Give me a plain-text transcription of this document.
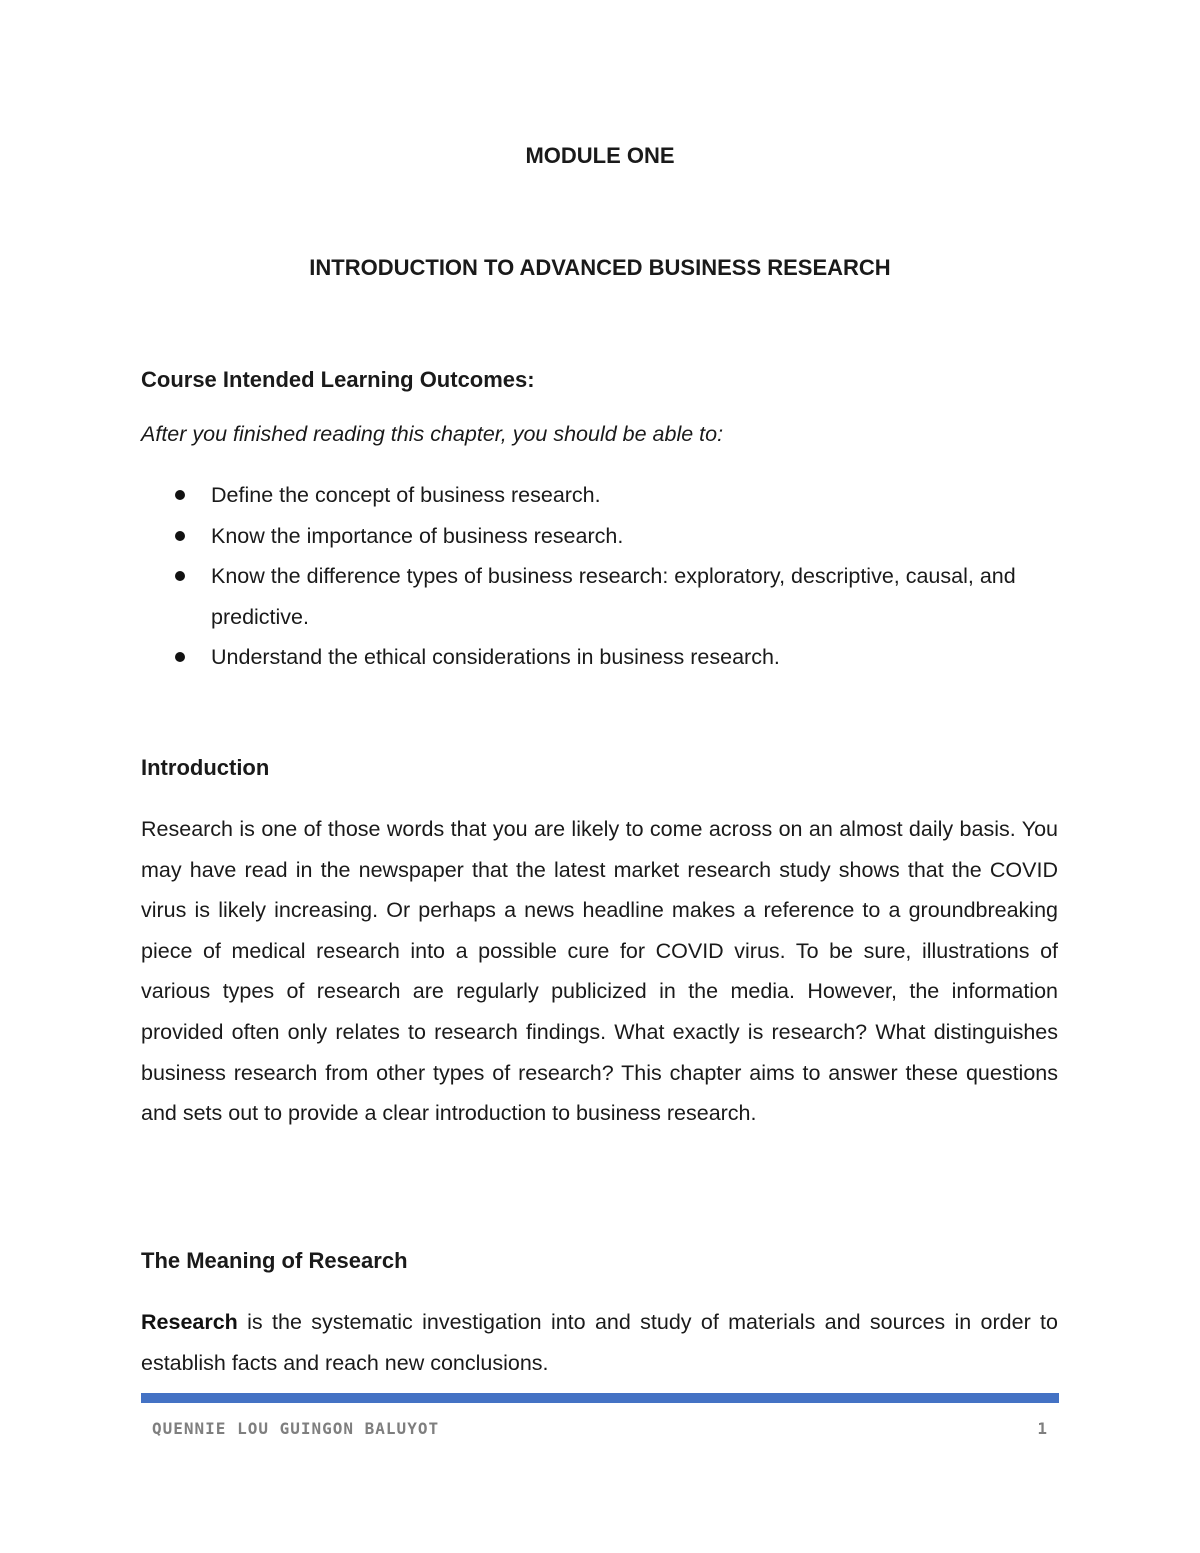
MODULE ONE
INTRODUCTION TO ADVANCED BUSINESS RESEARCH
Course Intended Learning Outcomes:

After you finished reading this chapter, you should be able to:

Define the concept of business research.
Know the importance of business research.
Know the difference types of business research: exploratory, descriptive, causal, and predictive.
Understand the ethical considerations in business research.
Introduction

Research is one of those words that you are likely to come across on an almost daily basis. You may have read in the newspaper that the latest market research study shows that the COVID virus is likely increasing. Or perhaps a news headline makes a reference to a groundbreaking piece of medical research into a possible cure for COVID virus. To be sure, illustrations of various types of research are regularly publicized in the media. However, the information provided often only relates to research findings. What exactly is research? What distinguishes business research from other types of research? This chapter aims to answer these questions and sets out to provide a clear introduction to business research.

The Meaning of Research

Research is the systematic investigation into and study of materials and sources in order to establish facts and reach new conclusions.

QUENNIE LOU GUINGON BALUYOT	1
